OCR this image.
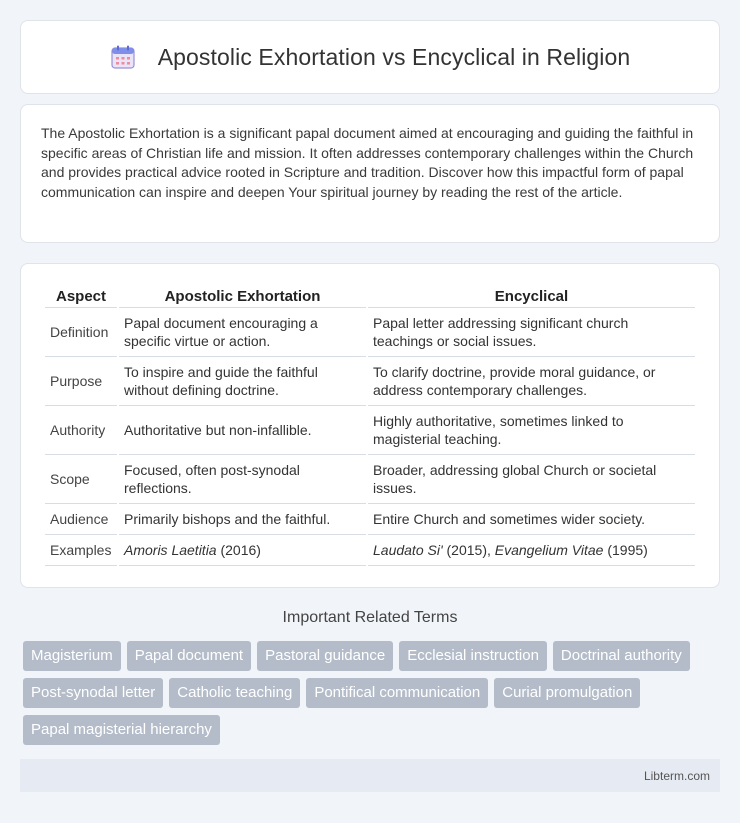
Apostolic Exhortation vs Encyclical in Religion

The Apostolic Exhortation is a significant papal document aimed at encouraging and guiding the faithful in specific areas of Christian life and mission. It often addresses contemporary challenges within the Church and provides practical advice rooted in Scripture and tradition. Discover how this impactful form of papal communication can inspire and deepen Your spiritual journey by reading the rest of the article.

Aspect	Apostolic Exhortation	Encyclical
Definition	Papal document encouraging a specific virtue or action.	Papal letter addressing significant church teachings or social issues.
Purpose	To inspire and guide the faithful without defining doctrine.	To clarify doctrine, provide moral guidance, or address contemporary challenges.
Authority	Authoritative but non-infallible.	Highly authoritative, sometimes linked to magisterial teaching.
Scope	Focused, often post-synodal reflections.	Broader, addressing global Church or societal issues.
Audience	Primarily bishops and the faithful.	Entire Church and sometimes wider society.
Examples	Amoris Laetitia (2016)	Laudato Si' (2015), Evangelium Vitae (1995)
Important Related Terms
Magisterium	Papal document	Pastoral guidance	Ecclesial instruction	Doctrinal authority
Post-synodal letter	Catholic teaching	Pontifical communication	Curial promulgation
Papal magisterial hierarchy
Libterm.com
